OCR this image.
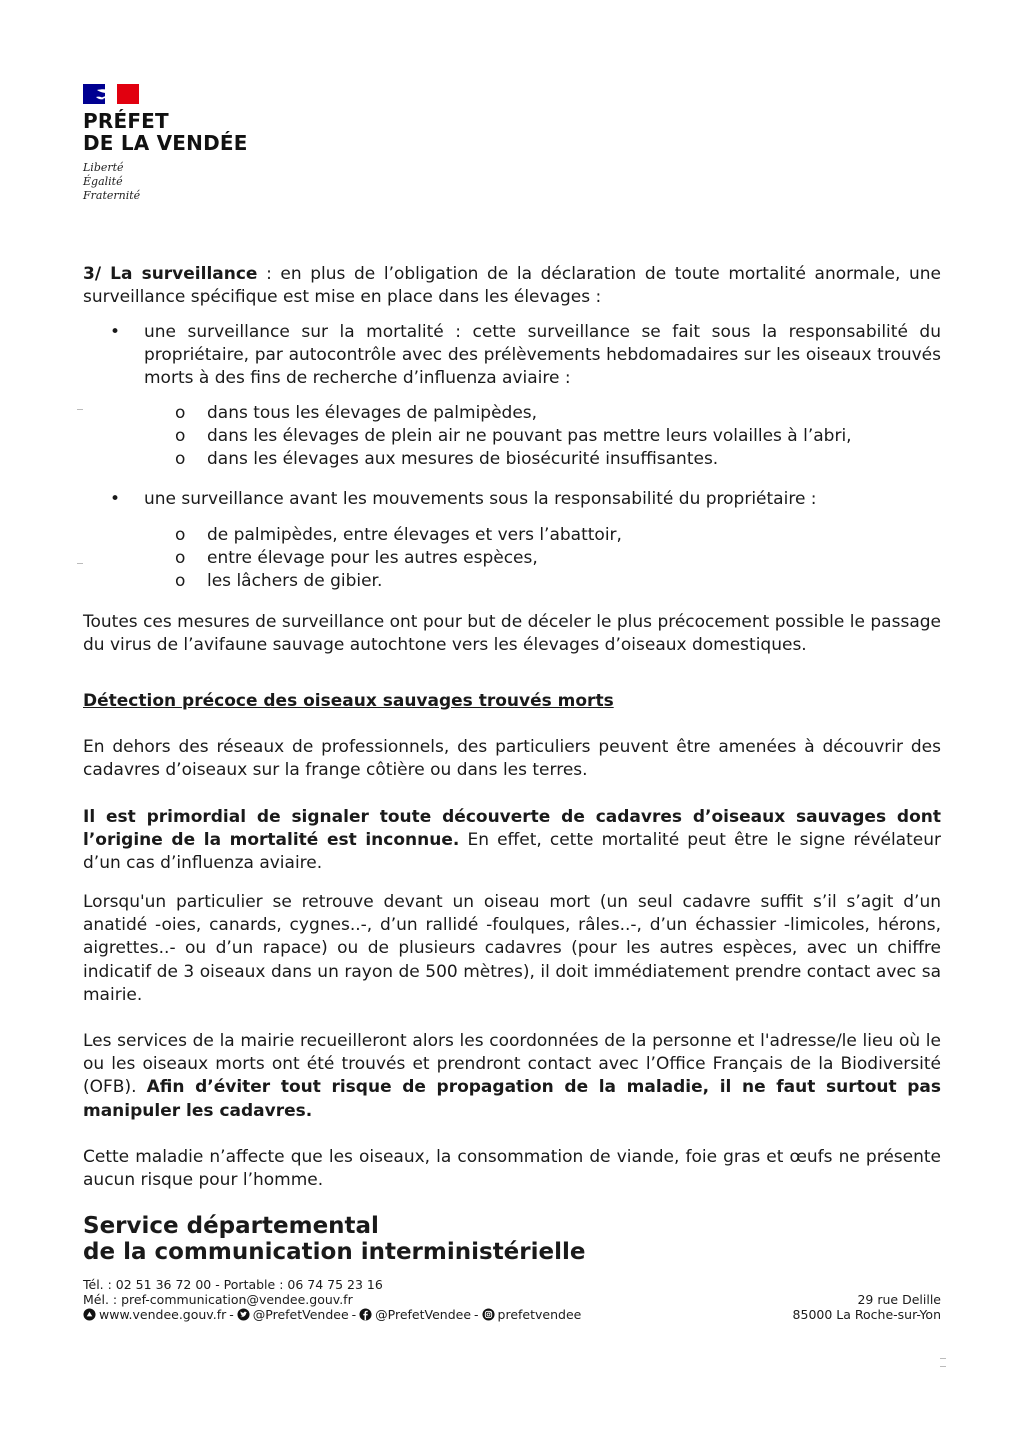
PRÉFET
DE LA VENDÉE
Liberté
Égalité
Fraternité
3/ La surveillance : en plus de l’obligation de la déclaration de toute mortalité anormale, une surveillance spécifique est mise en place dans les élevages :
•	une surveillance sur la mortalité : cette surveillance se fait sous la responsabilité du propriétaire, par autocontrôle avec des prélèvements hebdomadaires sur les oiseaux trouvés morts à des fins de recherche d’influenza aviaire :
o	dans tous les élevages de palmipèdes,
o	dans les élevages de plein air ne pouvant pas mettre leurs volailles à l’abri,
o	dans les élevages aux mesures de biosécurité insuffisantes.
•	une surveillance avant les mouvements sous la responsabilité du propriétaire :
o	de palmipèdes, entre élevages et vers l’abattoir,
o	entre élevage pour les autres espèces,
o	les lâchers de gibier.
Toutes ces mesures de surveillance ont pour but de déceler le plus précocement possible le passage du virus de l’avifaune sauvage autochtone vers les élevages d’oiseaux domestiques.
Détection précoce des oiseaux sauvages trouvés morts
En dehors des réseaux de professionnels, des particuliers peuvent être amenées à découvrir des cadavres d’oiseaux sur la frange côtière ou dans les terres.
Il est primordial de signaler toute découverte de cadavres d’oiseaux sauvages dont l’origine de la mortalité est inconnue. En effet, cette mortalité peut être le signe révélateur d’un cas d’influenza aviaire.
Lorsqu'un particulier se retrouve devant un oiseau mort (un seul cadavre suffit s’il s’agit d’un anatidé -oies, canards, cygnes..-, d’un rallidé -foulques, râles..-, d’un échassier -limicoles, hérons, aigrettes..- ou d’un rapace) ou de plusieurs cadavres (pour les autres espèces, avec un chiffre indicatif de 3 oiseaux dans un rayon de 500 mètres), il doit immédiatement prendre contact avec sa mairie.
Les services de la mairie recueilleront alors les coordonnées de la personne et l'adresse/le lieu où le ou les oiseaux morts ont été trouvés et prendront contact avec l’Office Français de la Biodiversité (OFB). Afin d’éviter tout risque de propagation de la maladie, il ne faut surtout pas manipuler les cadavres.
Cette maladie n’affecte que les oiseaux, la consommation de viande, foie gras et œufs ne présente aucun risque pour l’homme.
Service départemental
de la communication interministérielle
Tél. : 02 51 36 72 00 - Portable : 06 74 75 23 16
Mél. : pref-communication@vendee.gouv.fr
www.vendee.gouv.fr - @PrefetVendee - @PrefetVendee - prefetvendee
29 rue Delille
85000 La Roche-sur-Yon
